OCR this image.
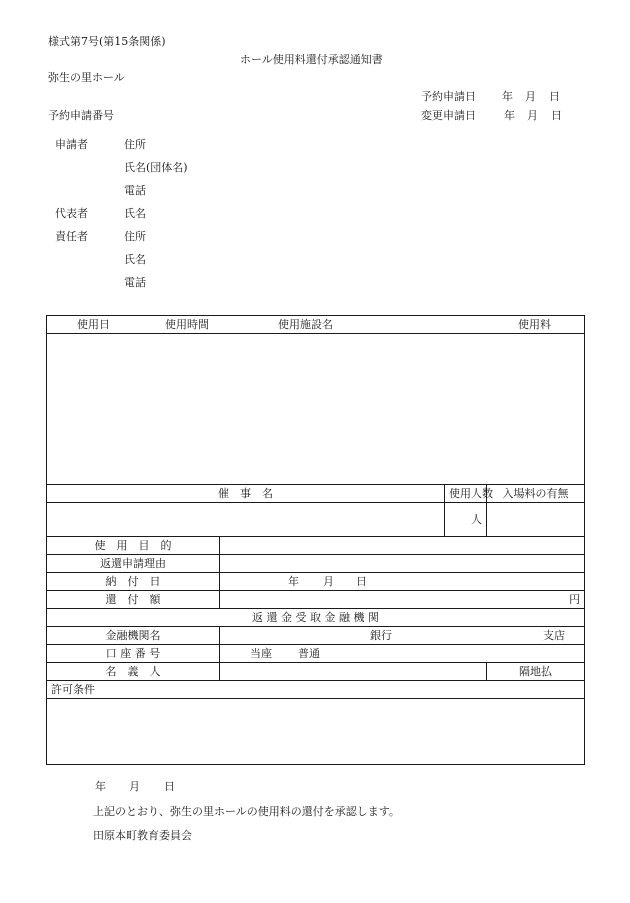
様式第7号(第15条関係)
ホール使用料還付承認通知書
弥生の里ホール
予約申請日 年 月 日
予約申請番号	変更申請日	年 月 日
申請者	住所
氏名(団体名)
電話
代表者	氏名
責任者	住所
氏名
電話
使用日 使用時間 使用施設名 使用料			

催　事　名		使用人数	入場料の有無
		人	
使　用　目　的			
返還申請理由			
納　付　日	年 月 日		

還　付　額	円		
返 還 金 受 取 金 融 機 関			
金融機関名	銀行 支店		

口 座 番 号	当座 普通		

名　義　人			隔地払
許可条件			

年 月 日
上記のとおり、弥生の里ホールの使用料の還付を承認します。
田原本町教育委員会
